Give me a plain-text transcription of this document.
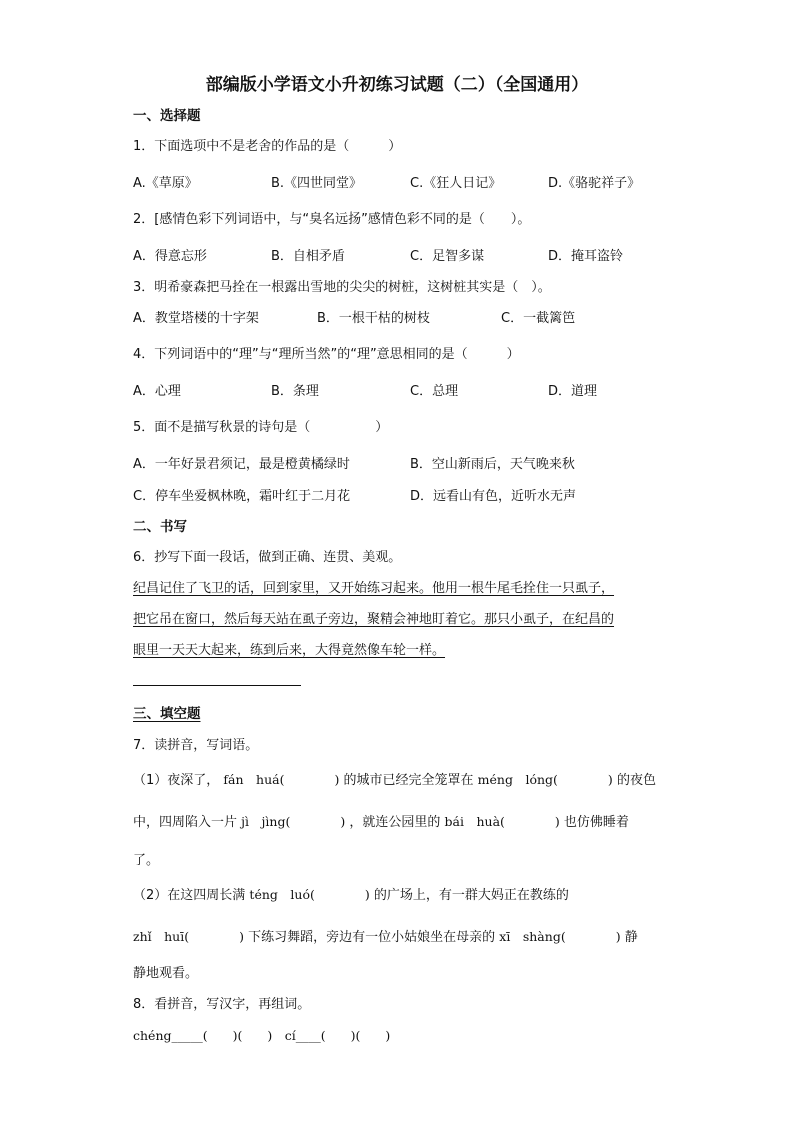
部编版小学语文小升初练习试题（二）（全国通用）
一、选择题
1．下面选项中不是老舍的作品的是（　　　）
A.《草原》	B.《四世同堂》	C.《狂人日记》	D.《骆驼祥子》
2．[感情色彩下列词语中，与“臭名远扬”感情色彩不同的是（　　）。
A．得意忘形	B．自相矛盾	C．足智多谋	D．掩耳盗铃
3．明希豪森把马拴在一根露出雪地的尖尖的树桩，这树桩其实是（　）。
A．教堂塔楼的十字架	B．一根干枯的树枝	C．一截篱笆
4．下列词语中的“理”与“理所当然”的“理”意思相同的是（　　　）
A．心理	B．条理	C．总理	D．道理
5．面不是描写秋景的诗句是（　　　　　）
A．一年好景君须记，最是橙黄橘绿时	B．空山新雨后，天气晚来秋
C．停车坐爱枫林晚，霜叶红于二月花	D．远看山有色，近听水无声
二、书写
6．抄写下面一段话，做到正确、连贯、美观。
纪昌记住了飞卫的话，回到家里，又开始练习起来。他用一根牛尾毛拴住一只虱子，
把它吊在窗口，然后每天站在虱子旁边，聚精会神地盯着它。那只小虱子，在纪昌的
眼里一天天大起来，练到后来，大得竟然像车轮一样。
三、填空题
7．读拼音，写词语。
（1）夜深了， fán　huá(　　　　) 的城市已经完全笼罩在 méng　lóng(　　　　) 的夜色
中，四周陷入一片 jì　jìng(　　　　) ，就连公园里的 bái　huà(　　　　) 也仿佛睡着
了。
（2）在这四周长满 téng　luó(　　　　) 的广场上，有一群大妈正在教练的
zhǐ　huī(　　　　) 下练习舞蹈，旁边有一位小姑娘坐在母亲的 xī　shàng(　　　　) 静
静地观看。
8．看拼音，写汉字，再组词。
chéng_____(　　)(　　)　cí____(　　)(　　)
